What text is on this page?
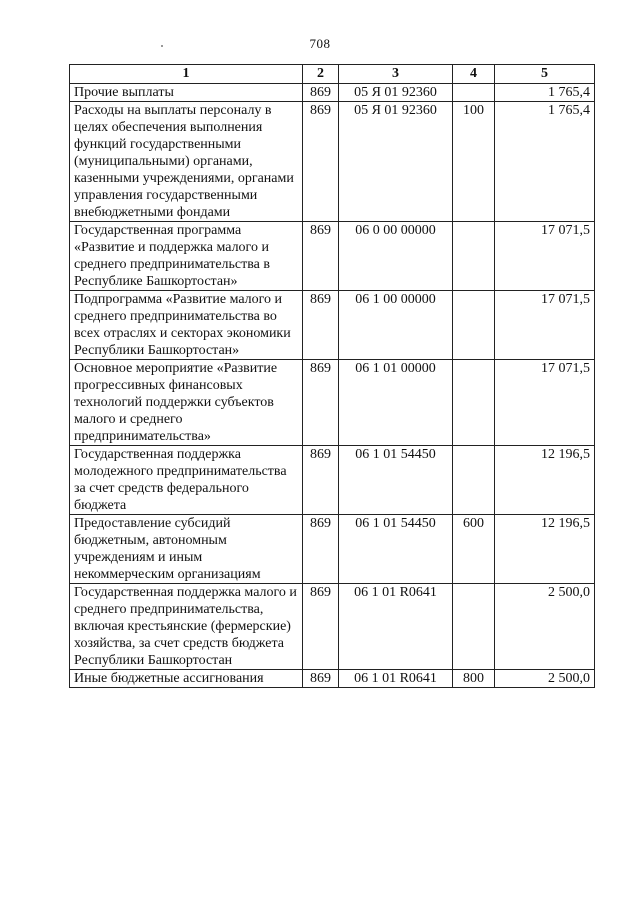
708
1	2	3	4	5
Прочие выплаты	869	05 Я 01 92360		1 765,4
Расходы на выплаты персоналу в целях обеспечения выполнения функций государственными (муниципальными) органами, казенными учреждениями, органами управления государственными внебюджетными фондами	869	05 Я 01 92360	100	1 765,4
Государственная программа «Развитие и поддержка малого и среднего предпринимательства в Республике Башкортостан»	869	06 0 00 00000		17 071,5
Подпрограмма «Развитие малого и среднего предпринимательства во всех отраслях и секторах экономики Республики Башкортостан»	869	06 1 00 00000		17 071,5
Основное мероприятие «Развитие прогрессивных финансовых технологий поддержки субъектов малого и среднего предпринимательства»	869	06 1 01 00000		17 071,5
Государственная поддержка молодежного предпринимательства за счет средств федерального бюджета	869	06 1 01 54450		12 196,5
Предоставление субсидий бюджетным, автономным учреждениям и иным некоммерческим организациям	869	06 1 01 54450	600	12 196,5
Государственная поддержка малого и среднего предпринимательства, включая крестьянские (фермерские) хозяйства, за счет средств бюджета Республики Башкортостан	869	06 1 01 R0641		2 500,0
Иные бюджетные ассигнования	869	06 1 01 R0641	800	2 500,0
